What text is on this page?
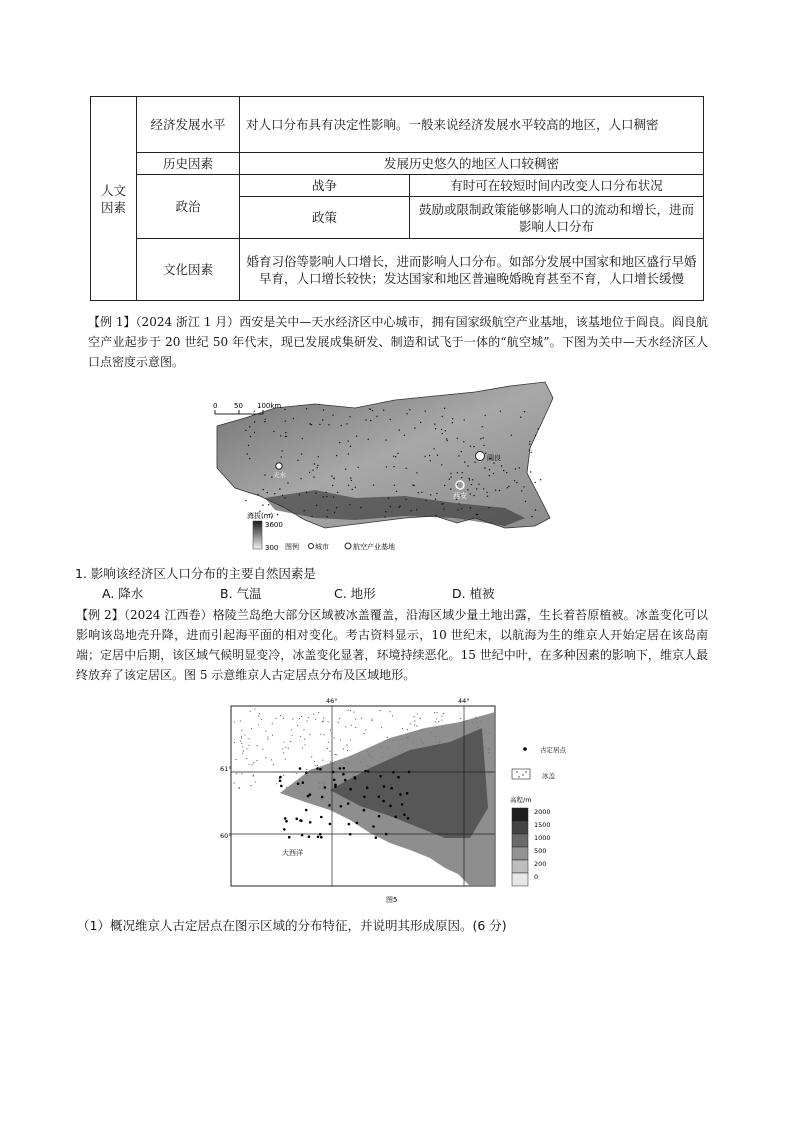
人文
因素	经济发展水平	对人口分布具有决定性影响。一般来说经济发展水平较高的地区，人口稠密	
	历史因素	发展历史悠久的地区人口较稠密	
	政治	战争	有时可在较短时间内改变人口分布状况
		政策	鼓励或限制政策能够影响人口的流动和增长，进而影响人口分布
	文化因素	婚育习俗等影响人口增长，进而影响人口分布。如部分发展中国家和地区盛行早婚早育，人口增长较快；发达国家和地区普遍晚婚晚育甚至不育，人口增长缓慢	
【例 1】（2024 浙江 1 月）西安是关中—天水经济区中心城市，拥有国家级航空产业基地，该基地位于阎良。阎良航空产业起步于 20 世纪 50 年代末，现已发展成集研发、制造和试飞于一体的“航空城”。下图为关中—天水经济区人口点密度示意图。
0 50 100km
天水
西安
阎良
海拔(m)
3600
300 图例 城市	航空产业基地
1. 影响该经济区人口分布的主要自然因素是
A. 降水	B. 气温	C. 地形	D. 植被
【例 2】（2024 江西卷）格陵兰岛绝大部分区域被冰盖覆盖，沿海区域少量土地出露，生长着苔原植被。冰盖变化可以影响该岛地壳升降，进而引起海平面的相对变化。考古资料显示，10 世纪末，以航海为生的维京人开始定居在该岛南端；定居中后期，该区域气候明显变冷，冰盖变化显著，环境持续恶化。15 世纪中叶，在多种因素的影响下，维京人最终放弃了该定居区。图 5 示意维京人古定居点分布及区域地形。
46°	44°
61°
60°
大西洋
古定居点
冰盖
高程/m
2000
1500
1000
500
200
0
图5
（1）概况维京人古定居点在图示区域的分布特征，并说明其形成原因。(6 分)
